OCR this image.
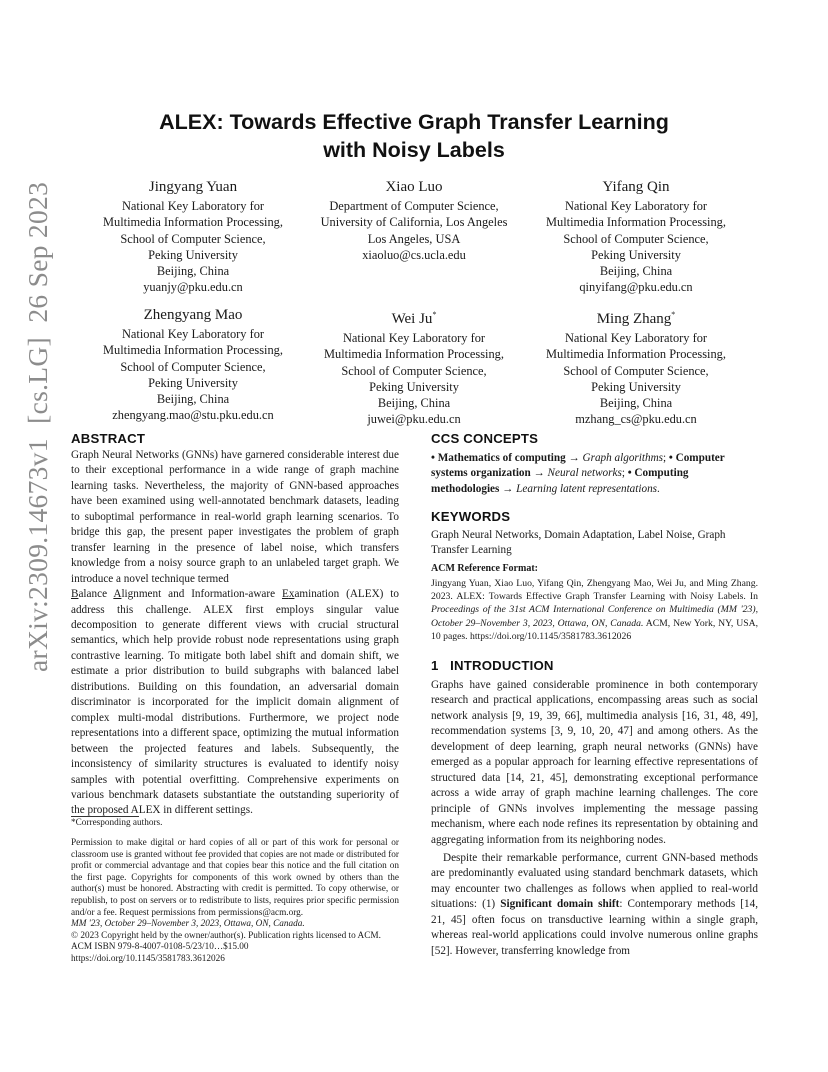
arXiv:2309.14673v1  [cs.LG]  26 Sep 2023
ALEX: Towards Effective Graph Transfer Learning
with Noisy Labels
Jingyang Yuan
National Key Laboratory for
Multimedia Information Processing,
School of Computer Science,
Peking University
Beijing, China
yuanjy@pku.edu.cn
Xiao Luo
Department of Computer Science,
University of California, Los Angeles
Los Angeles, USA
xiaoluo@cs.ucla.edu
Yifang Qin
National Key Laboratory for
Multimedia Information Processing,
School of Computer Science,
Peking University
Beijing, China
qinyifang@pku.edu.cn
Zhengyang Mao
National Key Laboratory for
Multimedia Information Processing,
School of Computer Science,
Peking University
Beijing, China
zhengyang.mao@stu.pku.edu.cn
Wei Ju*
National Key Laboratory for
Multimedia Information Processing,
School of Computer Science,
Peking University
Beijing, China
juwei@pku.edu.cn
Ming Zhang*
National Key Laboratory for
Multimedia Information Processing,
School of Computer Science,
Peking University
Beijing, China
mzhang_cs@pku.edu.cn
ABSTRACT

Graph Neural Networks (GNNs) have garnered considerable interest due to their exceptional performance in a wide range of graph machine learning tasks. Nevertheless, the majority of GNN-based approaches have been examined using well-annotated benchmark datasets, leading to suboptimal performance in real-world graph learning scenarios. To bridge this gap, the present paper investigates the problem of graph transfer learning in the presence of label noise, which transfers knowledge from a noisy source graph to an unlabeled target graph. We introduce a novel technique termed
Balance Alignment and Information-aware Examination (ALEX) to address this challenge. ALEX first employs singular value decomposition to generate different views with crucial structural semantics, which help provide robust node representations using graph contrastive learning. To mitigate both label shift and domain shift, we estimate a prior distribution to build subgraphs with balanced label distributions. Building on this foundation, an adversarial domain discriminator is incorporated for the implicit domain alignment of complex multi-modal distributions. Furthermore, we project node representations into a different space, optimizing the mutual information between the projected features and labels. Subsequently, the inconsistency of similarity structures is evaluated to identify noisy samples with potential overfitting. Comprehensive experiments on various benchmark datasets substantiate the outstanding superiority of the proposed ALEX in different settings.

*Corresponding authors.

Permission to make digital or hard copies of all or part of this work for personal or classroom use is granted without fee provided that copies are not made or distributed for profit or commercial advantage and that copies bear this notice and the full citation on the first page. Copyrights for components of this work owned by others than the author(s) must be honored. Abstracting with credit is permitted. To copy otherwise, or republish, to post on servers or to redistribute to lists, requires prior specific permission and/or a fee. Request permissions from permissions@acm.org.

MM '23, October 29–November 3, 2023, Ottawa, ON, Canada.

© 2023 Copyright held by the owner/author(s). Publication rights licensed to ACM.

ACM ISBN 979-8-4007-0108-5/23/10…$15.00

https://doi.org/10.1145/3581783.3612026

CCS CONCEPTS
• Mathematics of computing → Graph algorithms; • Computer systems organization → Neural networks; • Computing methodologies → Learning latent representations.
KEYWORDS
Graph Neural Networks, Domain Adaptation, Label Noise, Graph Transfer Learning
ACM Reference Format:
Jingyang Yuan, Xiao Luo, Yifang Qin, Zhengyang Mao, Wei Ju, and Ming Zhang. 2023. ALEX: Towards Effective Graph Transfer Learning with Noisy Labels. In Proceedings of the 31st ACM International Conference on Multimedia (MM '23), October 29–November 3, 2023, Ottawa, ON, Canada. ACM, New York, NY, USA, 10 pages. https://doi.org/10.1145/3581783.3612026
1 INTRODUCTION

Graphs have gained considerable prominence in both contemporary research and practical applications, encompassing areas such as social network analysis [9, 19, 39, 66], multimedia analysis [16, 31, 48, 49], recommendation systems [3, 9, 10, 20, 47] and among others. As the development of deep learning, graph neural networks (GNNs) have emerged as a popular approach for learning effective representations of structured data [14, 21, 45], demonstrating exceptional performance across a wide array of graph machine learning challenges. The core principle of GNNs involves implementing the message passing mechanism, where each node refines its representation by obtaining and aggregating information from its neighboring nodes.

Despite their remarkable performance, current GNN-based methods are predominantly evaluated using standard benchmark datasets, which may encounter two challenges as follows when applied to real-world situations: (1) Significant domain shift: Contemporary methods [14, 21, 45] often focus on transductive learning within a single graph, whereas real-world applications could involve numerous online graphs [52]. However, transferring knowledge from
